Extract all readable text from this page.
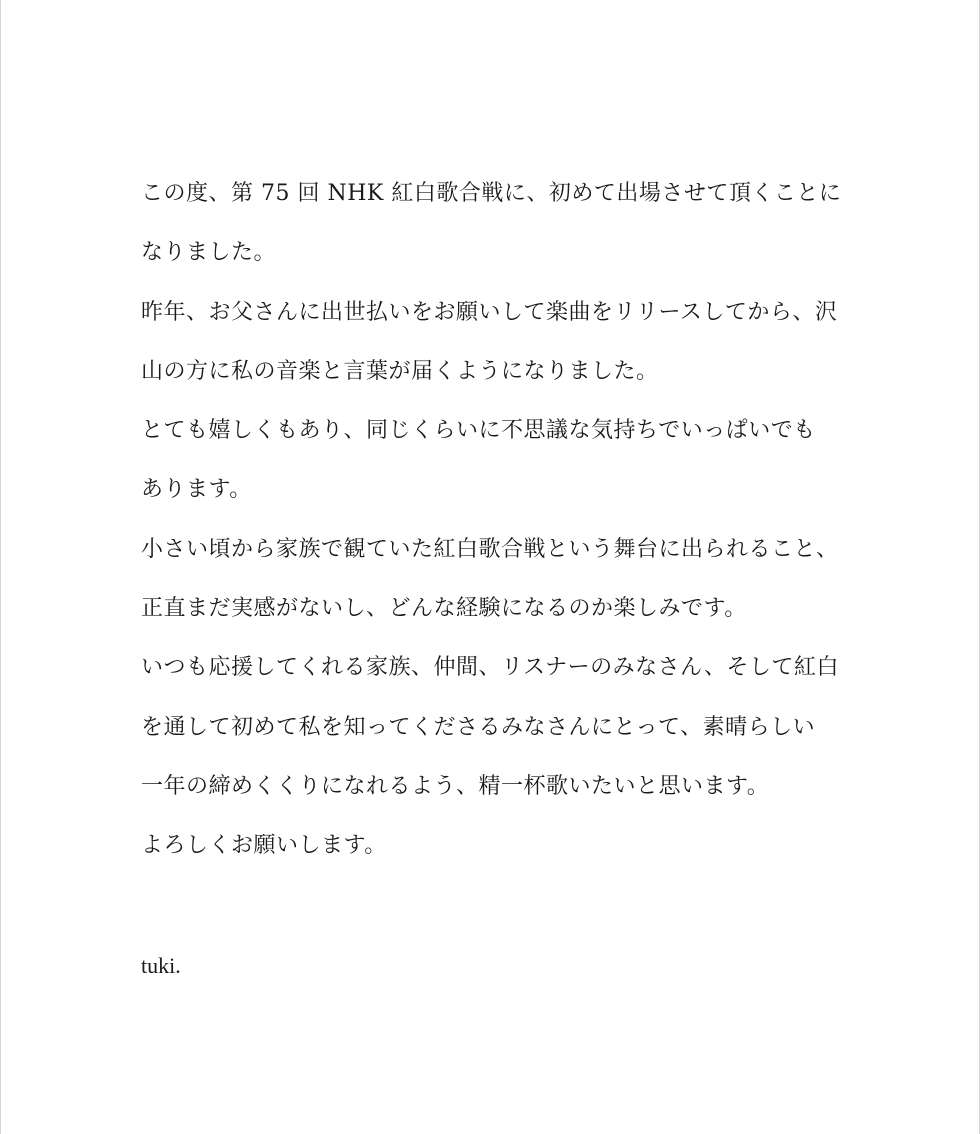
この度、第 75 回 NHK 紅白歌合戦に、初めて出場させて頂くことに
なりました。
昨年、お父さんに出世払いをお願いして楽曲をリリースしてから、沢
山の方に私の音楽と言葉が届くようになりました。
とても嬉しくもあり、同じくらいに不思議な気持ちでいっぱいでも
あります。
小さい頃から家族で観ていた紅白歌合戦という舞台に出られること、
正直まだ実感がないし、どんな経験になるのか楽しみです。
いつも応援してくれる家族、仲間、リスナーのみなさん、そして紅白
を通して初めて私を知ってくださるみなさんにとって、素晴らしい
一年の締めくくりになれるよう、精一杯歌いたいと思います。
よろしくお願いします。
tuki.
